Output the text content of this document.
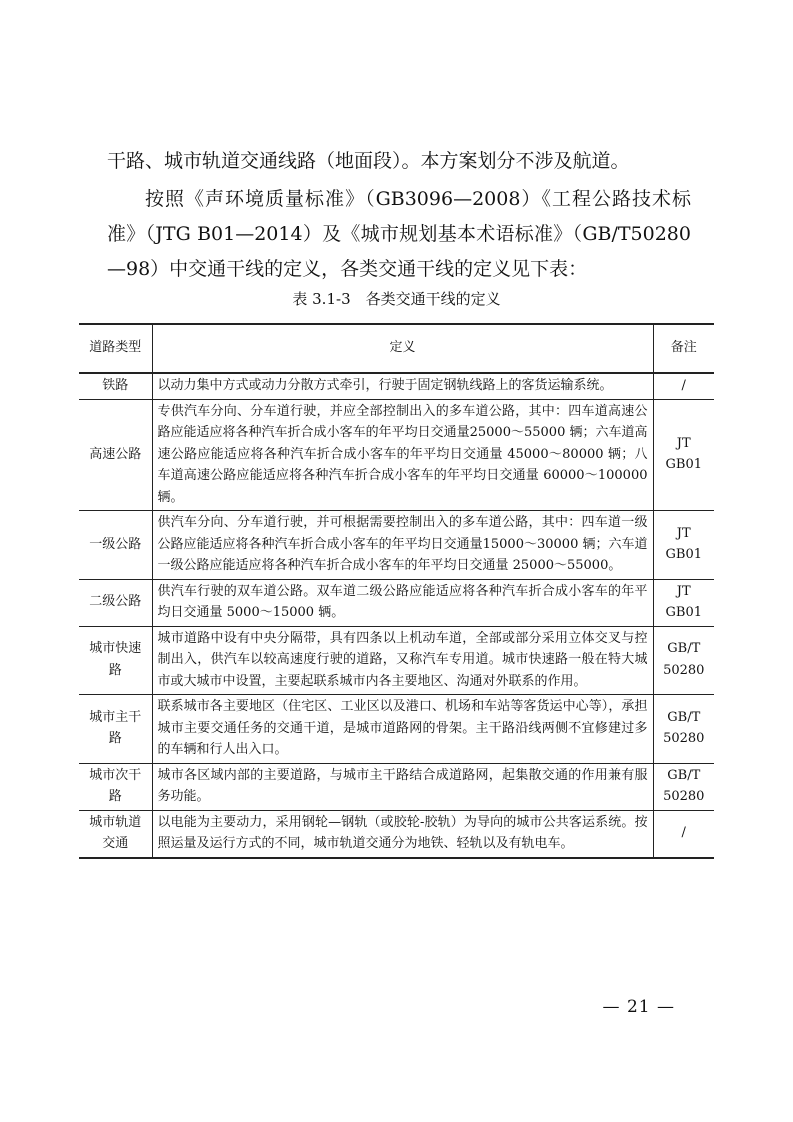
干路、城市轨道交通线路（地面段）。本方案划分不涉及航道。

按照《声环境质量标准》（GB3096—2008）《工程公路技术标准》（JTG B01—2014）及《城市规划基本术语标准》（GB/T50280—98）中交通干线的定义，各类交通干线的定义见下表：

表 3.1-3　各类交通干线的定义
道路类型	定义	备注
铁路	以动力集中方式或动力分散方式牵引，行驶于固定钢轨线路上的客货运输系统。	/
高速公路	专供汽车分向、分车道行驶，并应全部控制出入的多车道公路，其中：四车道高速公路应能适应将各种汽车折合成小客车的年平均日交通量25000～55000 辆；六车道高速公路应能适应将各种汽车折合成小客车的年平均日交通量 45000～80000 辆；八车道高速公路应能适应将各种汽车折合成小客车的年平均日交通量 60000～100000 辆。	JT GB01
一级公路	供汽车分向、分车道行驶，并可根据需要控制出入的多车道公路，其中：四车道一级公路应能适应将各种汽车折合成小客车的年平均日交通量15000～30000 辆；六车道一级公路应能适应将各种汽车折合成小客车的年平均日交通量 25000～55000。	JT GB01
二级公路	供汽车行驶的双车道公路。双车道二级公路应能适应将各种汽车折合成小客车的年平均日交通量 5000～15000 辆。	JT GB01
城市快速路	城市道路中设有中央分隔带，具有四条以上机动车道，全部或部分采用立体交叉与控制出入，供汽车以较高速度行驶的道路，又称汽车专用道。城市快速路一般在特大城市或大城市中设置，主要起联系城市内各主要地区、沟通对外联系的作用。	GB/T 50280
城市主干路	联系城市各主要地区（住宅区、工业区以及港口、机场和车站等客货运中心等），承担城市主要交通任务的交通干道，是城市道路网的骨架。主干路沿线两侧不宜修建过多的车辆和行人出入口。	GB/T 50280
城市次干路	城市各区域内部的主要道路，与城市主干路结合成道路网，起集散交通的作用兼有服务功能。	GB/T 50280
城市轨道交通	以电能为主要动力，采用钢轮—钢轨（或胶轮-胶轨）为导向的城市公共客运系统。按照运量及运行方式的不同，城市轨道交通分为地铁、轻轨以及有轨电车。	/
— 21 —
